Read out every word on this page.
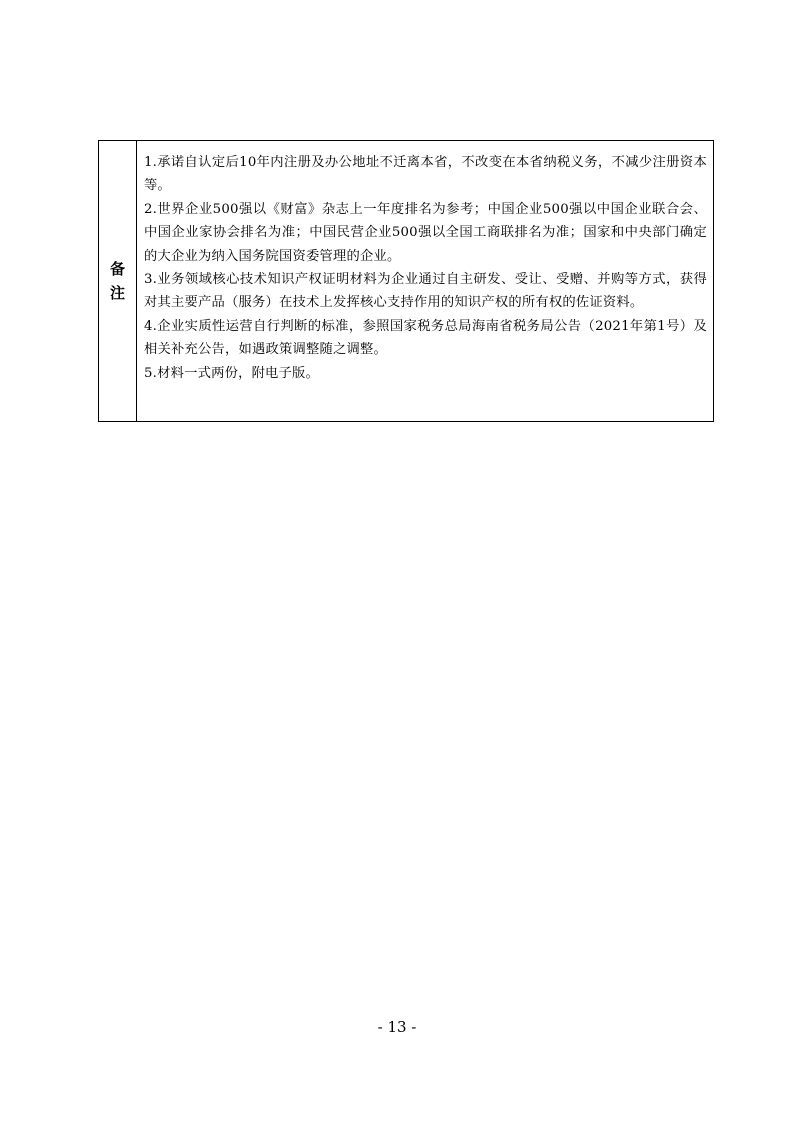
备
注

1.承诺自认定后10年内注册及办公地址不迁离本省，不改变在本省纳税义务，不减少注册资本等。

2.世界企业500强以《财富》杂志上一年度排名为参考；中国企业500强以中国企业联合会、中国企业家协会排名为准；中国民营企业500强以全国工商联排名为准；国家和中央部门确定的大企业为纳入国务院国资委管理的企业。

3.业务领域核心技术知识产权证明材料为企业通过自主研发、受让、受赠、并购等方式，获得对其主要产品（服务）在技术上发挥核心支持作用的知识产权的所有权的佐证资料。

4.企业实质性运营自行判断的标准，参照国家税务总局海南省税务局公告（2021年第1号）及相关补充公告，如遇政策调整随之调整。

5.材料一式两份，附电子版。

- 13 -
